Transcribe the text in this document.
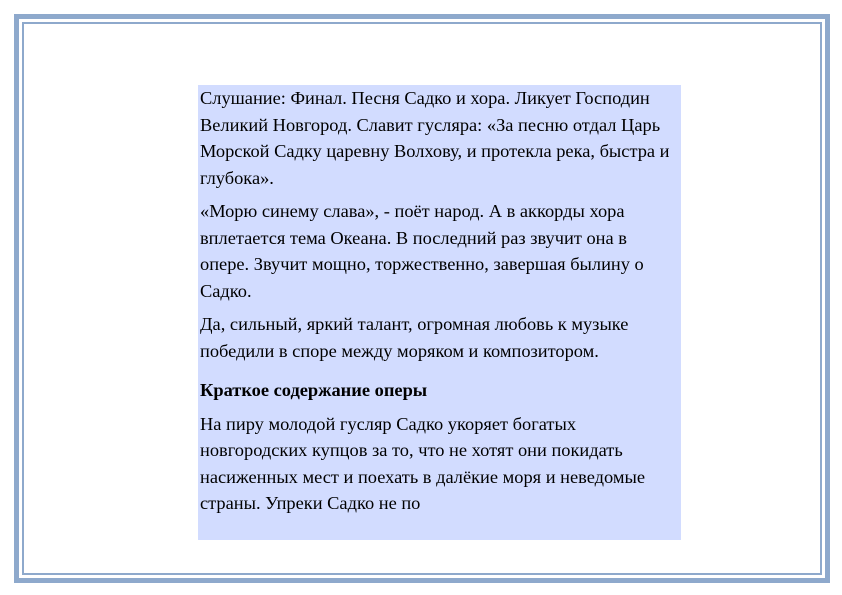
Слушание: Финал. Песня Садко и хора. Ликует Господин Великий Новгород. Славит гусляра: «За песню отдал Царь Морской Садку царевну Волхову, и протекла река, быстра и глубока».

«Морю синему слава», - поёт народ. А в аккорды хора вплетается тема Океана. В последний раз звучит она в опере. Звучит мощно, торжественно, завершая былину о Садко.

Да, сильный, яркий талант, огромная любовь к музыке победили в споре между моряком и композитором.

Краткое содержание оперы

На пиру молодой гусляр Садко укоряет богатых новгородских купцов за то, что не хотят они покидать насиженных мест и поехать в далёкие моря и неведомые страны. Упреки Садко не по
